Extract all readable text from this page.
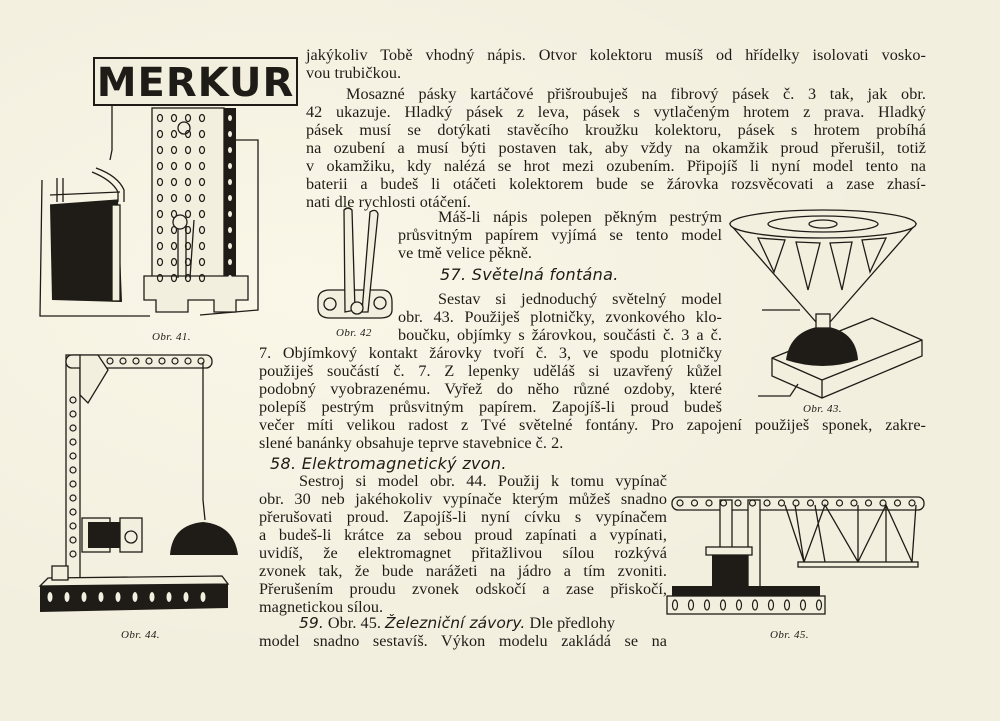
MERKUR
Obr. 41.	Obr. 42
Obr. 43.
Obr. 44.	Obr. 45.
jakýkoliv Tobě vhodný nápis. Otvor kolektoru musíš od hřídelky isolovati vosko-
vou trubičkou.
Mosazné pásky kartáčové přišroubuješ na fibrový pásek č. 3 tak, jak obr.
42 ukazuje. Hladký pásek z leva, pásek s vytlačeným hrotem z prava. Hladký
pásek musí se dotýkati stavěcího kroužku kolektoru, pásek s hrotem probíhá
na ozubení a musí býti postaven tak, aby vždy na okamžik proud přerušil, totiž
v okamžiku, kdy nalézá se hrot mezi ozubením. Připojíš li nyní model tento na
baterii a budeš li otáčeti kolektorem bude se žárovka rozsvěcovati a zase zhasí-
nati dle rychlosti otáčení.
Máš-li nápis polepen pěkným pestrým
průsvitným papírem vyjímá se tento model
ve tmě velice pěkně.
57. Světelná fontána.
Sestav si jednoduchý světelný model
obr. 43. Použiješ plotničky, zvonkového klo-
boučku, objímky s žárovkou, součásti č. 3 a č.
7. Objímkový kontakt žárovky tvoří č. 3, ve spodu plotničky
použiješ součástí č. 7. Z lepenky uděláš si uzavřený kůžel
podobný vyobrazenému. Vyřež do něho různé ozdoby, které
polepíš pestrým průsvitným papírem. Zapojíš-li proud budeš
večer míti velikou radost z Tvé světelné fontány. Pro zapojení použiješ sponek, zakre-
slené banánky obsahuje teprve stavebnice č. 2.
58. Elektromagnetický zvon.
Sestroj si model obr. 44. Použij k tomu vypínač
obr. 30 neb jakéhokoliv vypínače kterým můžeš snadno
přerušovati proud. Zapojíš-li nyní cívku s vypínačem
a budeš-li krátce za sebou proud zapínati a vypínati,
uvidíš, že elektromagnet přitažlivou sílou rozkývá
zvonek tak, že bude narážeti na jádro a tím zvoniti.
Přerušením proudu zvonek odskočí a zase přiskočí,
magnetickou sílou.
59. Obr. 45. Železniční závory. Dle předlohy
model snadno sestavíš. Výkon modelu zakládá se na
